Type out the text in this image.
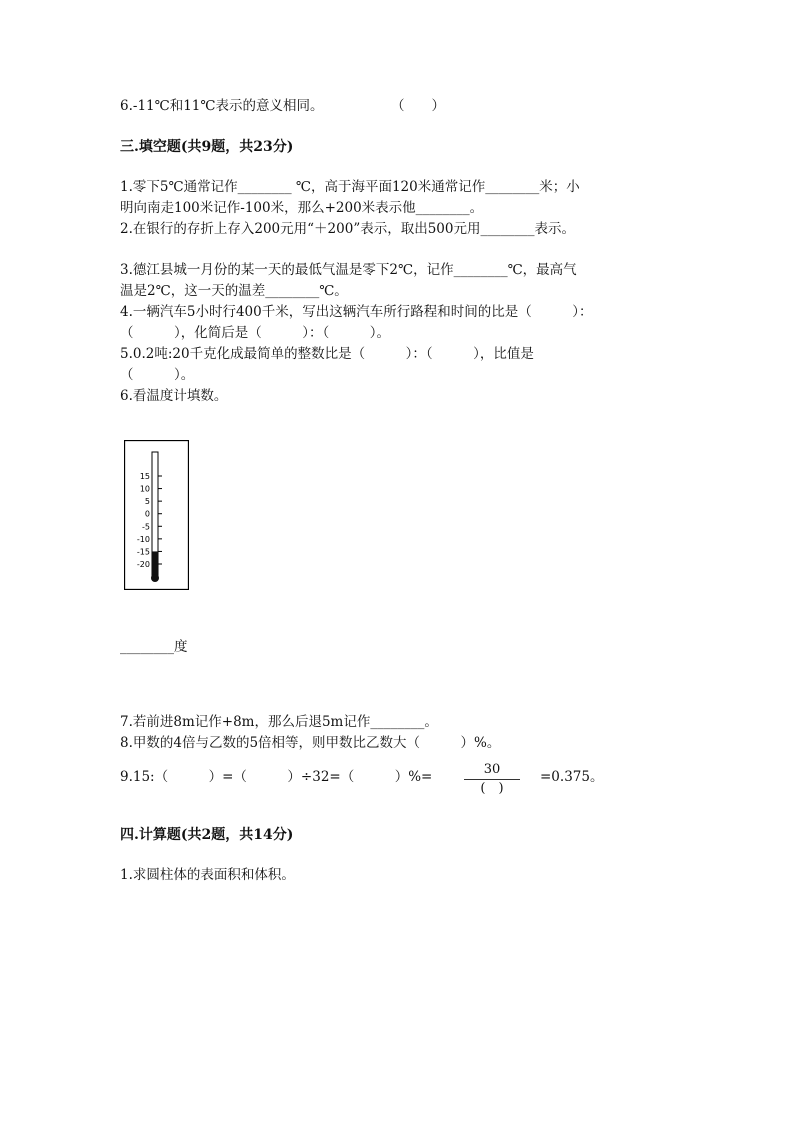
6.-11℃和11℃表示的意义相同。　　　　　　（　　）
三.填空题(共9题，共23分)
1.零下5℃通常记作________ ℃，高于海平面120米通常记作________米；小
明向南走100米记作-100米，那么+200米表示他________。
2.在银行的存折上存入200元用“＋200”表示，取出500元用________表示。
3.德江县城一月份的某一天的最低气温是零下2℃，记作________℃，最高气
温是2℃，这一天的温差________℃。
4.一辆汽车5小时行400千米，写出这辆汽车所行路程和时间的比是（　　　）：
（　　　），化简后是（　　　）：（　　　）。
5.0.2吨:20千克化成最简单的整数比是（　　　）：（　　　），比值是
（　　　）。
6.看温度计填数。
15
10
5
0
-5
-10
-15
-20
________度
7.若前进8m记作+8m，那么后退5m记作________。
8.甲数的4倍与乙数的5倍相等，则甲数比乙数大（　　　）%。
9.15:（　　　）=（　　　）÷32=（　　　）%=	30
(　)
=0.375。
四.计算题(共2题，共14分)
1.求圆柱体的表面积和体积。
